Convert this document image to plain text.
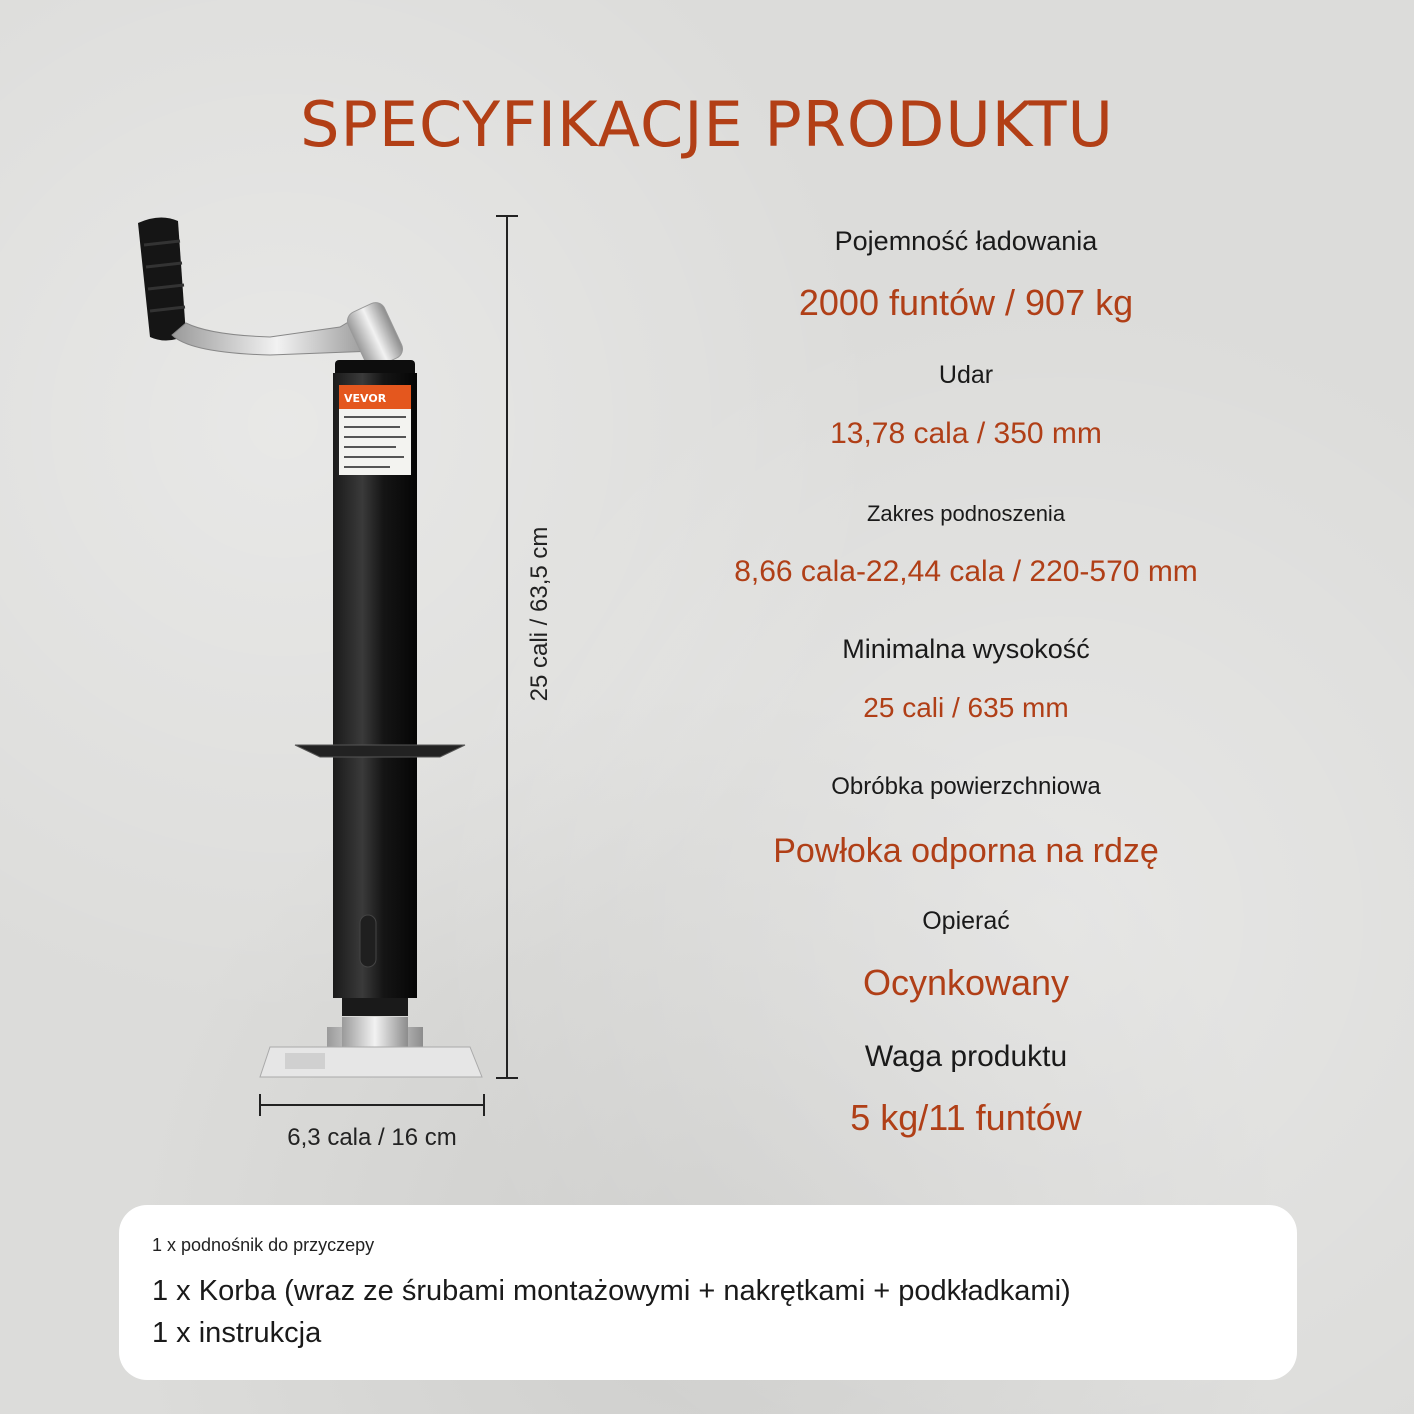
SPECYFIKACJE PRODUKTU
VEVOR
25 cali / 63,5 cm
6,3 cala / 16 cm
Pojemność ładowania
2000 funtów / 907 kg
Udar
13,78 cala / 350 mm
Zakres podnoszenia
8,66 cala-22,44 cala / 220-570 mm
Minimalna wysokość
25 cali / 635 mm
Obróbka powierzchniowa
Powłoka odporna na rdzę
Opierać
Ocynkowany
Waga produktu
5 kg/11 funtów
1 x podnośnik do przyczepy
1 x Korba (wraz ze śrubami montażowymi + nakrętkami + podkładkami)
1 x instrukcja
